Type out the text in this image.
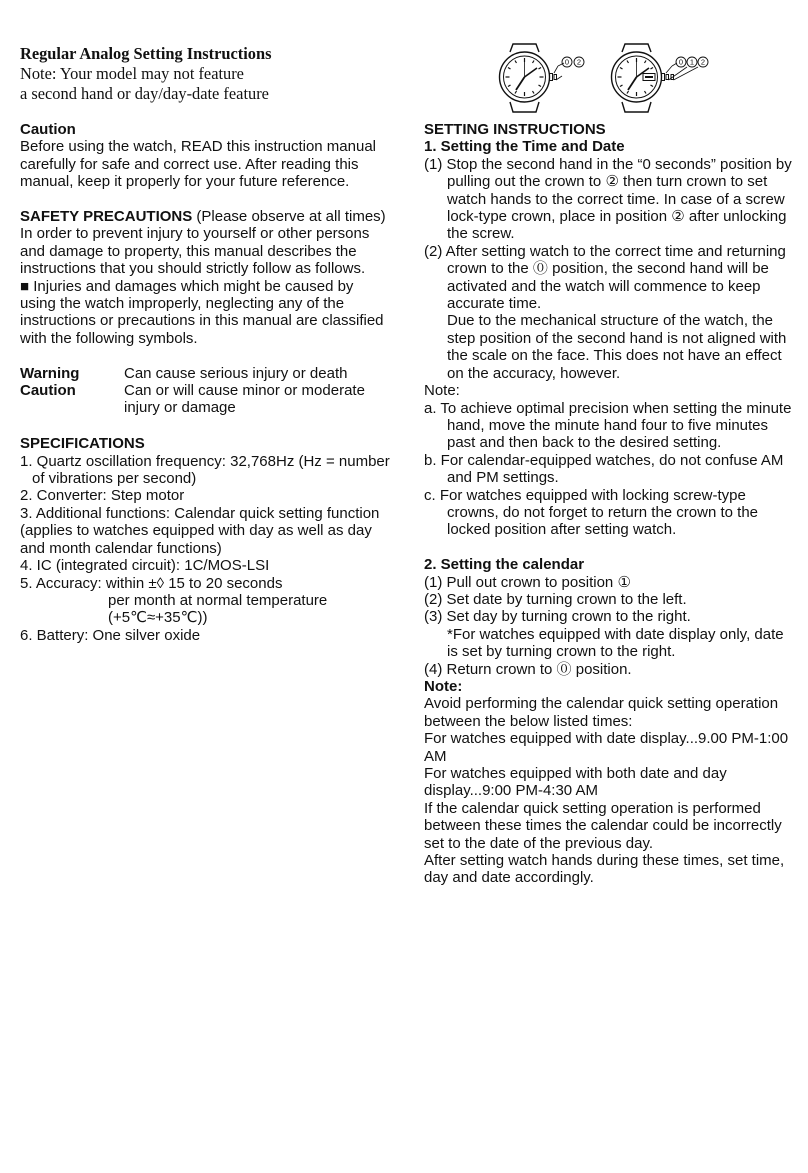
Regular Analog Setting Instructions
Note: Your model may not feature
a second hand or day/day-date feature
0 2	0 1 2
Caution

Before using the watch, READ this instruction manual carefully for safe and correct use. After reading this manual, keep it properly for your future reference.

SAFETY PRECAUTIONS (Please observe at all times)

In order to prevent injury to yourself or other persons and damage to property, this manual describes the instructions that you should strictly follow as follows.

■ Injuries and damages which might be caused by using the watch improperly, neglecting any of the instructions or precautions in this manual are classified with the following symbols.

Warning	Can cause serious injury or death
Caution	Can or will cause minor or moderate injury or damage
SPECIFICATIONS

1. Quartz oscillation frequency: 32,768Hz (Hz = number of vibrations per second)

2. Converter: Step motor

3. Additional functions: Calendar quick setting function (applies to watches equipped with day as well as day and month calendar functions)

4. IC (integrated circuit): 1C/MOS-LSI

5. Accuracy: within ±◊ 15 to 20 seconds

per month at normal temperature

(+5℃≈+35℃))

6. Battery: One silver oxide

SETTING INSTRUCTIONS
1. Setting the Time and Date

(1) Stop the second hand in the “0 seconds” position by pulling out the crown to ② then turn crown to set watch hands to the correct time. In case of a screw lock-type crown, place in position ② after unlocking the screw.

(2) After setting watch to the correct time and returning crown to the ⓪ position, the second hand will be activated and the watch will commence to keep accurate time.

Due to the mechanical structure of the watch, the step position of the second hand is not aligned with the scale on the face. This does not have an effect on the accuracy, however.

Note:

a. To achieve optimal precision when setting the minute hand, move the minute hand four to five minutes past and then back to the desired setting.

b. For calendar-equipped watches, do not confuse AM and PM settings.

c. For watches equipped with locking screw-type crowns, do not forget to return the crown to the locked position after setting watch.

2. Setting the calendar

(1) Pull out crown to position ①

(2) Set date by turning crown to the left.

(3) Set day by turning crown to the right.

*For watches equipped with date display only, date is set by turning crown to the right.

(4) Return crown to ⓪ position.

Note:

Avoid performing the calendar quick setting operation between the below listed times:

For watches equipped with date display...9.00 PM-1:00 AM

For watches equipped with both date and day display...9:00 PM-4:30 AM

If the calendar quick setting operation is performed between these times the calendar could be incorrectly set to the date of the previous day.

After setting watch hands during these times, set time, day and date accordingly.
